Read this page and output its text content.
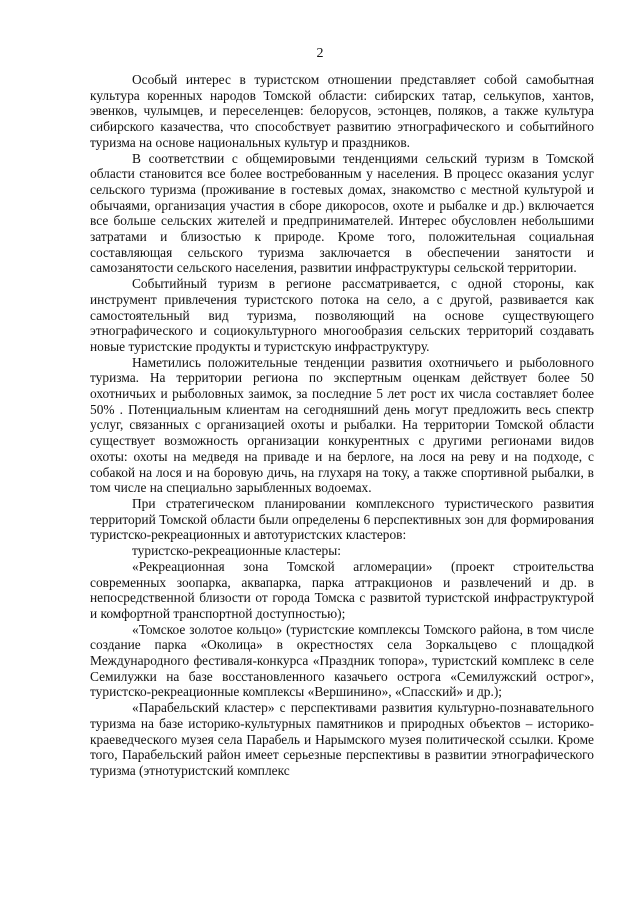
2

Особый интерес в туристском отношении представляет собой самобытная культура коренных народов Томской области: сибирских татар, селькупов, хантов, эвенков, чулымцев, и переселенцев: белорусов, эстонцев, поляков, а также культура сибирского казачества, что способствует развитию этнографического и событийного туризма на основе национальных культур и праздников.

В соответствии с общемировыми тенденциями сельский туризм в Томской области становится все более востребованным у населения. В процесс оказания услуг сельского туризма (проживание в гостевых домах, знакомство с местной культурой и обычаями, организация участия в сборе дикоросов, охоте и рыбалке и др.) включается все больше сельских жителей и предпринимателей. Интерес обусловлен небольшими затратами и близостью к природе. Кроме того, положительная социальная составляющая сельского туризма заключается в обеспечении занятости и самозанятости сельского населения, развитии инфраструктуры сельской территории.

Событийный туризм в регионе рассматривается, с одной стороны, как инструмент привлечения туристского потока на село, а с другой, развивается как самостоятельный вид туризма, позволяющий на основе существующего этнографического и социокультурного многообразия сельских территорий создавать новые туристские продукты и туристскую инфраструктуру.

Наметились положительные тенденции развития охотничьего и рыболовного туризма. На территории региона по экспертным оценкам действует более 50 охотничьих и рыболовных заимок, за последние 5 лет рост их числа составляет более 50% . Потенциальным клиентам на сегодняшний день могут предложить весь спектр услуг, связанных с организацией охоты и рыбалки. На территории Томской области существует возможность организации конкурентных с другими регионами видов охоты: охоты на медведя на приваде и на берлоге, на лося на реву и на подходе, с собакой на лося и на боровую дичь, на глухаря на току, а также спортивной рыбалки, в том числе на специально зарыбленных водоемах.

При стратегическом планировании комплексного туристического развития территорий Томской области были определены 6 перспективных зон для формирования туристско-рекреационных и автотуристских кластеров:

туристско-рекреационные кластеры:

«Рекреационная зона Томской агломерации» (проект строительства современных зоопарка, аквапарка, парка аттракционов и развлечений и др. в непосредственной близости от города Томска с развитой туристской инфраструктурой и комфортной транспортной доступностью);

«Томское золотое кольцо» (туристские комплексы Томского района, в том числе создание парка «Околица» в окрестностях села Зоркальцево с площадкой Международного фестиваля-конкурса «Праздник топора», туристский комплекс в селе Семилужки на базе восстановленного казачьего острога «Семилужский острог», туристско-рекреационные комплексы «Вершинино», «Спасский» и др.);

«Парабельский кластер» с перспективами развития культурно-познавательного туризма на базе историко-культурных памятников и природных объектов – историко-краеведческого музея села Парабель и Нарымского музея политической ссылки. Кроме того, Парабельский район имеет серьезные перспективы в развитии этнографического туризма (этнотуристский комплекс
